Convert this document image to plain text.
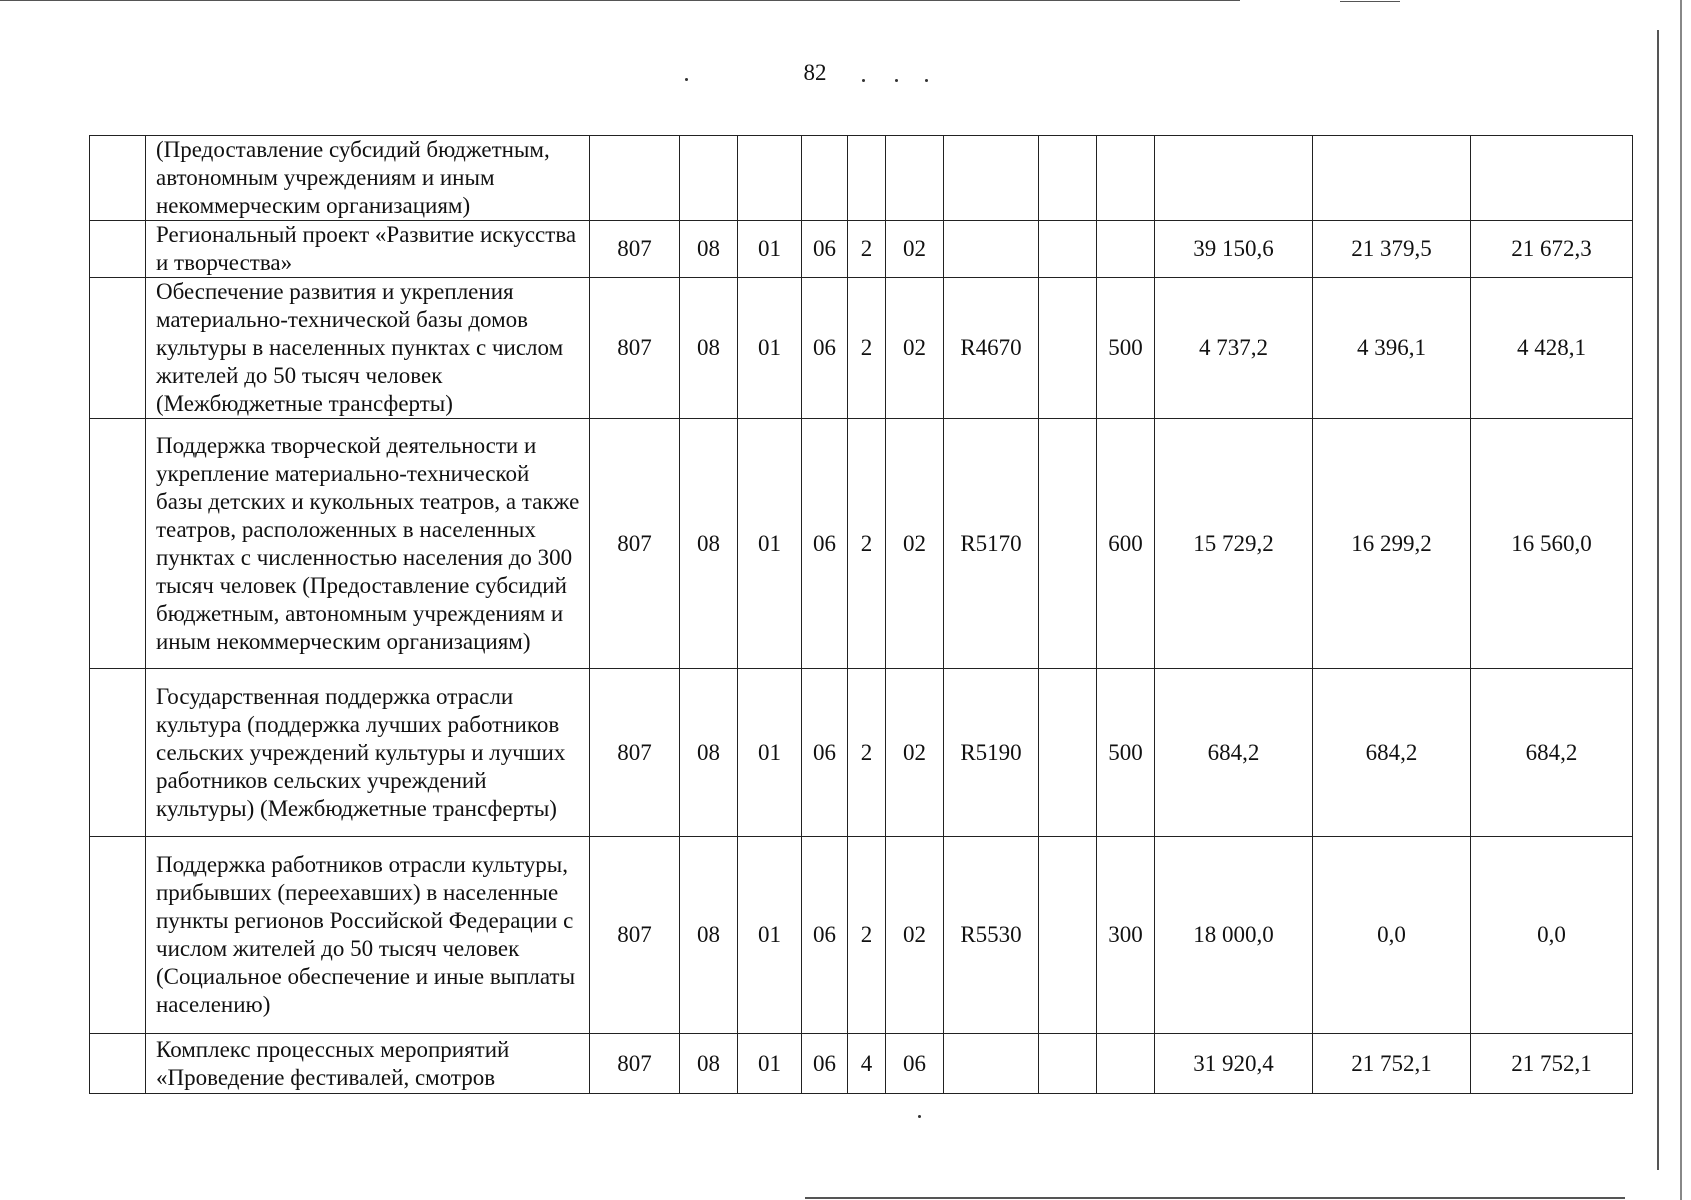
82
	(Предоставление субсидий бюджетным, автономным учреждениям и иным некоммерческим организациям)												
	Региональный проект «Развитие искусства и творчества»	807	08	01	06	2	02				39 150,6	21 379,5	21 672,3
	Обеспечение развития и укрепления материально-технической базы домов культуры в населенных пунктах с числом жителей до 50 тысяч человек (Межбюджетные трансферты)	807	08	01	06	2	02	R4670		500	4 737,2	4 396,1	4 428,1
	Поддержка творческой деятельности и укрепление материально-технической базы детских и кукольных театров, а также театров, расположенных в населенных пунктах с численностью населения до 300 тысяч человек (Предоставление субсидий бюджетным, автономным учреждениям и иным некоммерческим организациям)	807	08	01	06	2	02	R5170		600	15 729,2	16 299,2	16 560,0
	Государственная поддержка отрасли культура (поддержка лучших работников сельских учреждений культуры и лучших работников сельских учреждений культуры) (Межбюджетные трансферты)	807	08	01	06	2	02	R5190		500	684,2	684,2	684,2
	Поддержка работников отрасли культуры, прибывших (переехавших) в населенные пункты регионов Российской Федерации с числом жителей до 50 тысяч человек (Социальное обеспечение и иные выплаты населению)	807	08	01	06	2	02	R5530		300	18 000,0	0,0	0,0
	Комплекс процессных мероприятий «Проведение фестивалей, смотров	807	08	01	06	4	06				31 920,4	21 752,1	21 752,1
